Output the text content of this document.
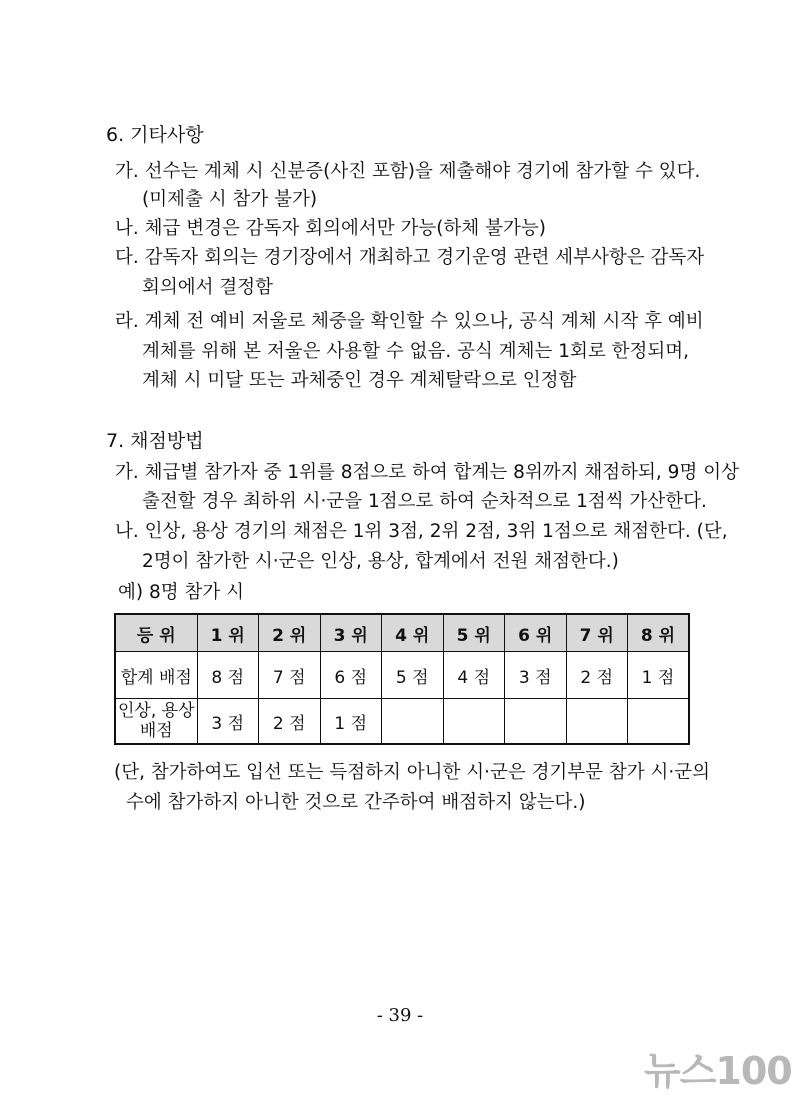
6. 기타사항
가. 선수는 계체 시 신분증(사진 포함)을 제출해야 경기에 참가할 수 있다.
(미제출 시 참가 불가)
나. 체급 변경은 감독자 회의에서만 가능(하체 불가능)
다. 감독자 회의는 경기장에서 개최하고 경기운영 관련 세부사항은 감독자
회의에서 결정함
라. 계체 전 예비 저울로 체중을 확인할 수 있으나, 공식 계체 시작 후 예비
계체를 위해 본 저울은 사용할 수 없음. 공식 계체는 1회로 한정되며,
계체 시 미달 또는 과체중인 경우 계체탈락으로 인정함
7. 채점방법
가. 체급별 참가자 중 1위를 8점으로 하여 합계는 8위까지 채점하되, 9명 이상
출전할 경우 최하위 시·군을 1점으로 하여 순차적으로 1점씩 가산한다.
나. 인상, 용상 경기의 채점은 1위 3점, 2위 2점, 3위 1점으로 채점한다. (단,
2명이 참가한 시·군은 인상, 용상, 합계에서 전원 채점한다.)
예) 8명 참가 시
등 위	1 위	2 위	3 위	4 위	5 위	6 위	7 위	8 위
합계 배점	8 점	7 점	6 점	5 점	4 점	3 점	2 점	1 점

인상, 용상
배점	3 점	2 점	1 점					
(단, 참가하여도 입선 또는 득점하지 아니한 시·군은 경기부문 참가 시·군의
수에 참가하지 아니한 것으로 간주하여 배점하지 않는다.)
- 39 -
뉴스100
